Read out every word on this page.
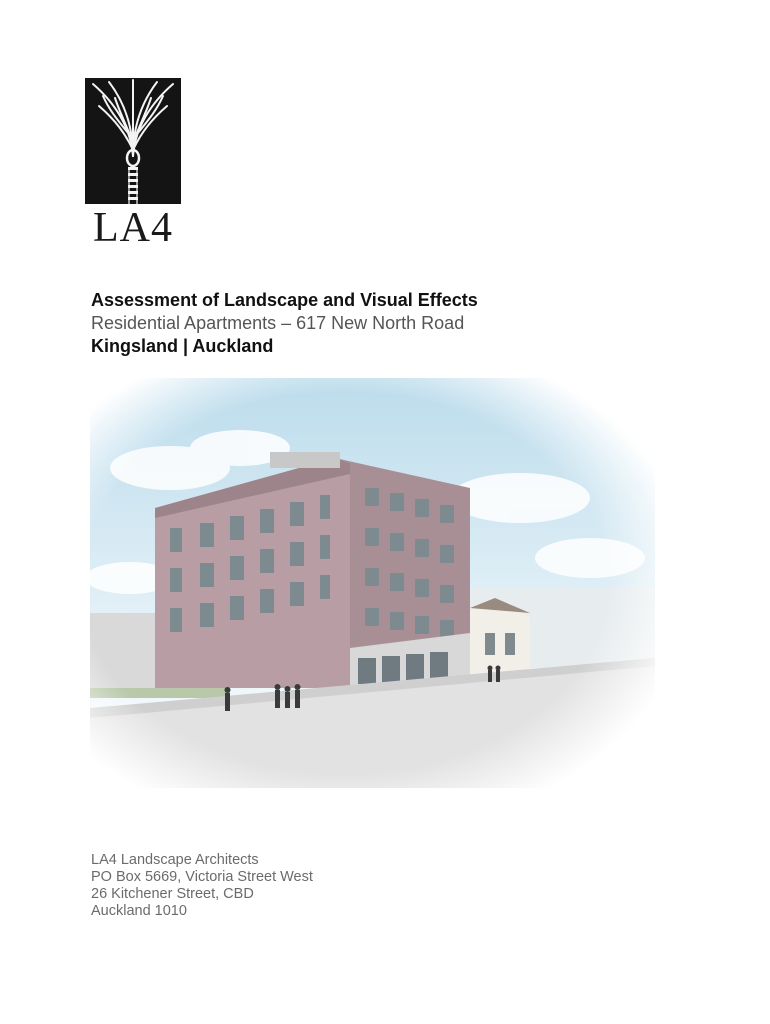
LA4

Assessment of Landscape and Visual Effects

Residential Apartments – 617 New North Road

Kingsland | Auckland

LA4 Landscape Architects
PO Box 5669, Victoria Street West
26 Kitchener Street, CBD
Auckland 1010
